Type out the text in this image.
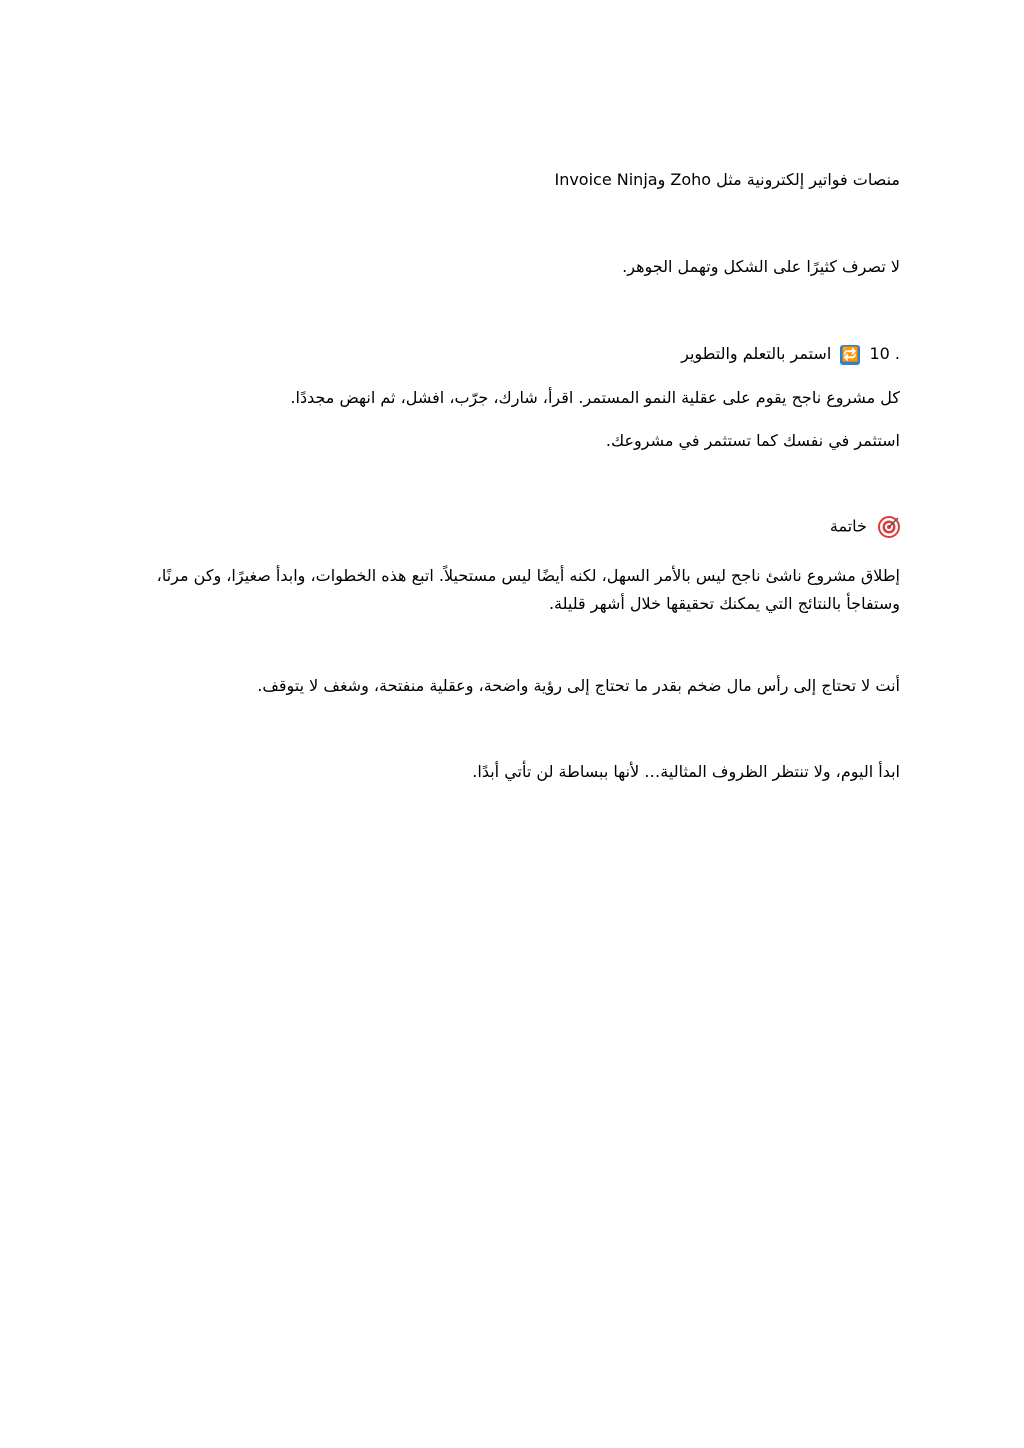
منصات فواتير إلكترونية مثل Zoho وInvoice Ninja
لا تصرف كثيرًا على الشكل وتهمل الجوهر.
10 . 🔁 استمر بالتعلم والتطوير
كل مشروع ناجح يقوم على عقلية النمو المستمر. اقرأ، شارك، جرّب، افشل، ثم انهض مجددًا.
استثمر في نفسك كما تستثمر في مشروعك.
خاتمة
إطلاق مشروع ناشئ ناجح ليس بالأمر السهل، لكنه أيضًا ليس مستحيلاً. اتبع هذه الخطوات، وابدأ صغيرًا، وكن مرنًا، وستفاجأ بالنتائج التي يمكنك تحقيقها خلال أشهر قليلة.
أنت لا تحتاج إلى رأس مال ضخم بقدر ما تحتاج إلى رؤية واضحة، وعقلية منفتحة، وشغف لا يتوقف.
ابدأ اليوم، ولا تنتظر الظروف المثالية… لأنها ببساطة لن تأتي أبدًا.
